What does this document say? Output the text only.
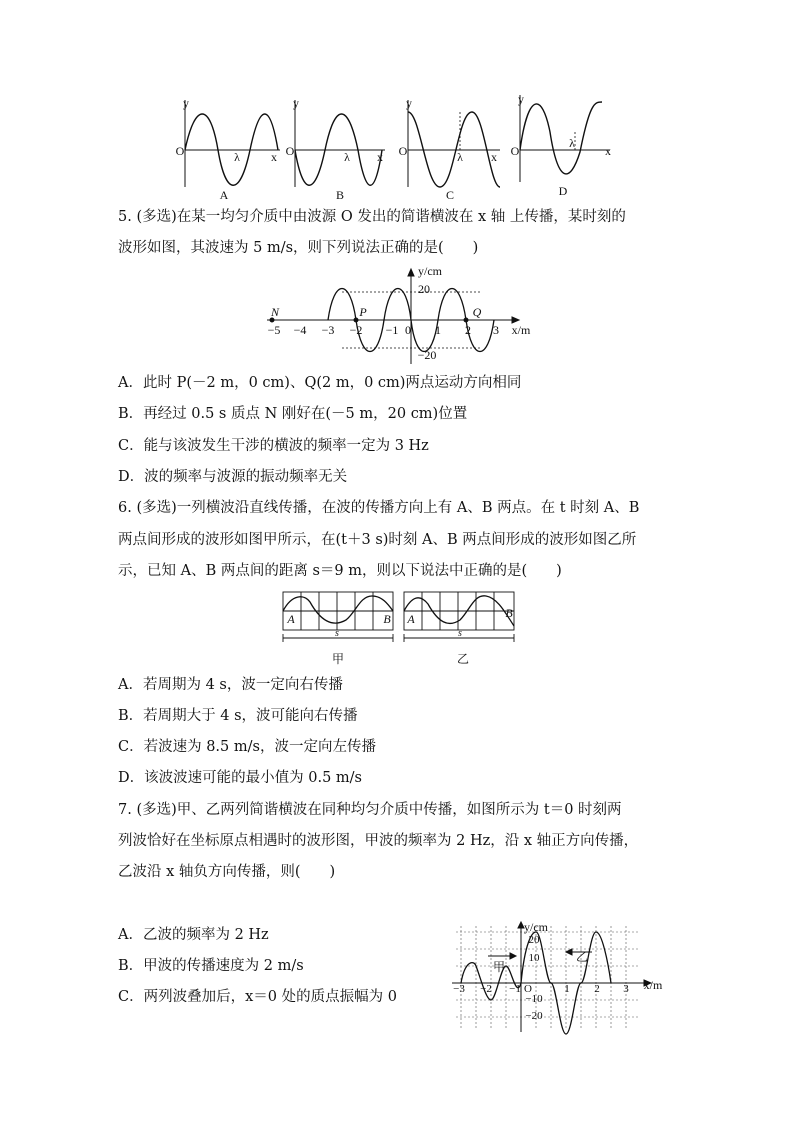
y
O	λ	x
A
y
O	λ x
B
y
O	λ x
C
y
O
λ
x
D
5. (多选)在某一均匀介质中由波源 O 发出的简谐横波在 x 轴 上传播，某时刻的
波形如图，其波速为 5 m/s，则下列说法正确的是(　　)
y/cm
20
−20
x/m
−5 −4 −3 −2 −1 0 1 2 3
N	P	Q
A．此时 P(－2 m，0 cm)、Q(2 m，0 cm)两点运动方向相同
B．再经过 0.5 s 质点 N 刚好在(－5 m，20 cm)位置
C．能与该波发生干涉的横波的频率一定为 3 Hz
D．波的频率与波源的振动频率无关
6. (多选)一列横波沿直线传播，在波的传播方向上有 A、B 两点。在 t 时刻 A、B
两点间形成的波形如图甲所示，在(t＋3 s)时刻 A、B 两点间形成的波形如图乙所
示，已知 A、B 两点间的距离 s＝9 m，则以下说法中正确的是(　　)
A	B
s
甲
A	B
s
乙
A．若周期为 4 s，波一定向右传播
B．若周期大于 4 s，波可能向右传播
C．若波速为 8.5 m/s，波一定向左传播
D．该波波速可能的最小值为 0.5 m/s
7. (多选)甲、乙两列简谐横波在同种均匀介质中传播，如图所示为 t＝0 时刻两
列波恰好在坐标原点相遇时的波形图，甲波的频率为 2 Hz，沿 x 轴正方向传播，
乙波沿 x 轴负方向传播，则(　　)
A．乙波的频率为 2 Hz
B．甲波的传播速度为 2 m/s
C．两列波叠加后，x＝0 处的质点振幅为 0
y/cm
x/m
甲
乙
20
10
−10
−20
−3 −2 −1 O	1 2 3
